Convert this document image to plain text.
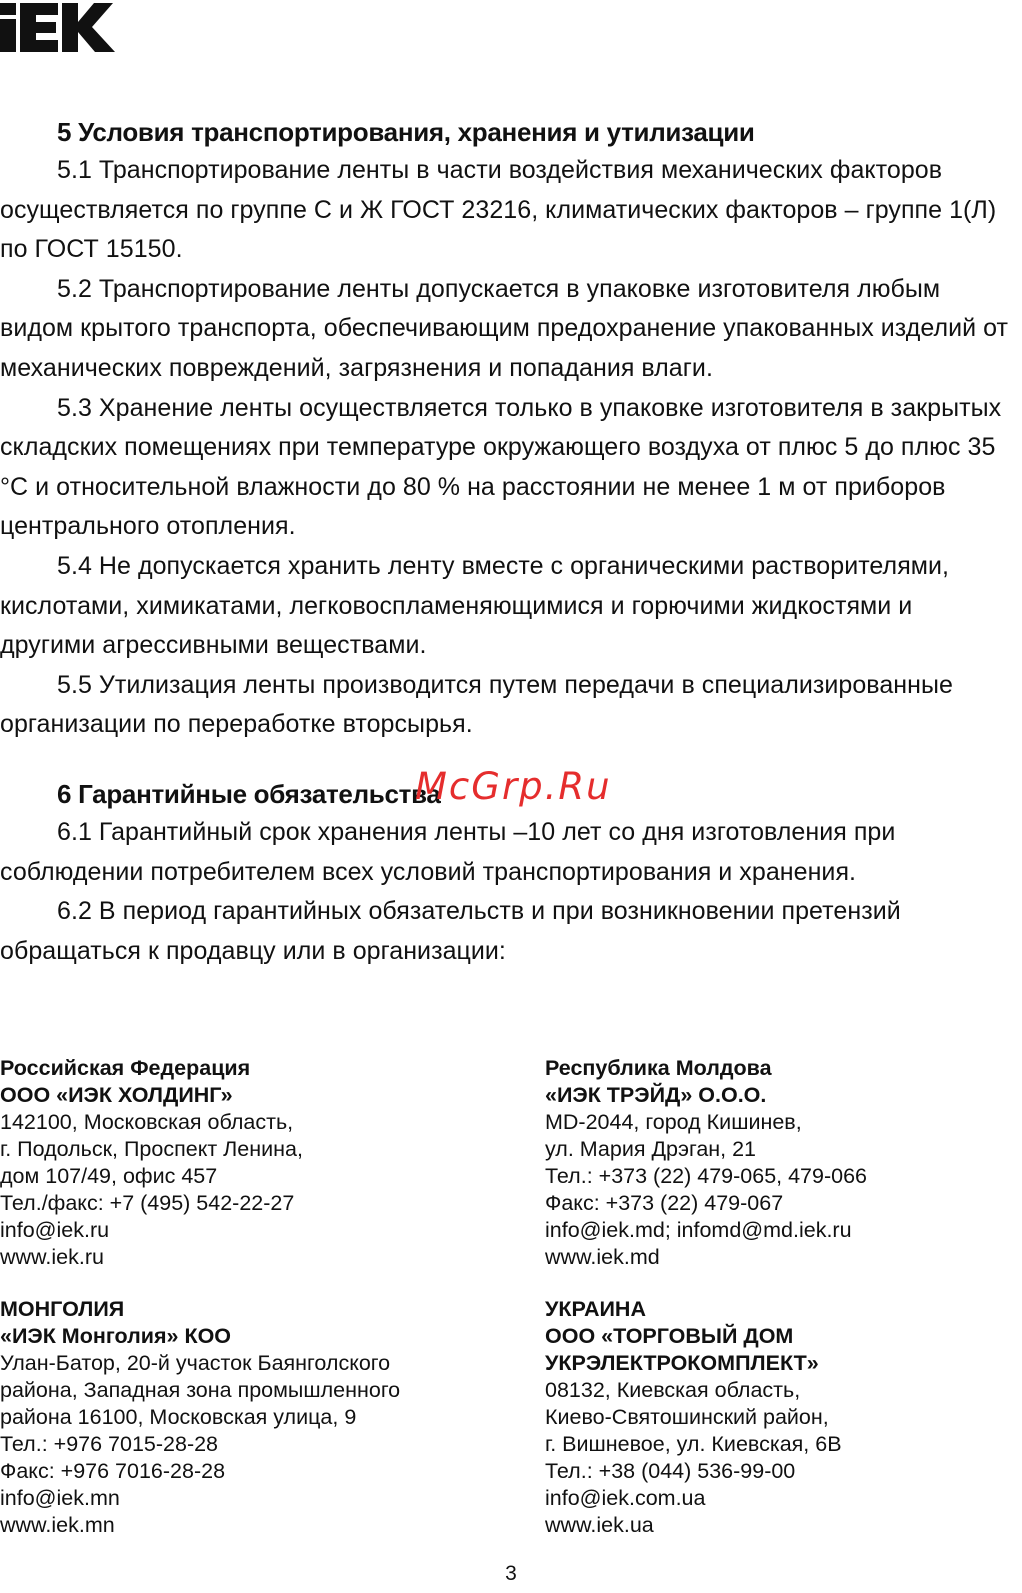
5 Условия транспортирования, хранения и утилизации

5.1 Транспортирование ленты в части воздействия механических факторов осуществляется по группе С и Ж ГОСТ 23216, климатических факторов – группе 1(Л) по ГОСТ 15150.

5.2 Транспортирование ленты допускается в упаковке изготовителя любым видом крытого транспорта, обеспечивающим предохранение упакованных изделий от механических повреждений, загрязнения и попадания влаги.

5.3 Хранение ленты осуществляется только в упаковке изготовителя в закрытых складских помещениях при температуре окружающего воздуха от плюс 5 до плюс 35 °С и относительной влажности до 80 % на расстоянии не менее 1 м от приборов центрального отопления.

5.4 Не допускается хранить ленту вместе с органическими растворителями, кислотами, химикатами, легковоспламеняющимися и горючими жидкостями и другими агрессивными веществами.

5.5 Утилизация ленты производится путем передачи в специализированные организации по переработке вторсырья.

6 Гарантийные обязательства

6.1 Гарантийный срок хранения ленты –10 лет со дня изготовления при соблюдении потребителем всех условий транспортирования и хранения.

6.2 В период гарантийных обязательств и при возникновении претензий обращаться к продавцу или в организации:

McGrp.Ru
Российская Федерация
ООО «ИЭК ХОЛДИНГ»
142100, Московская область,
г. Подольск, Проспект Ленина,
дом 107/49, офис 457
Тел./факс: +7 (495) 542-22-27
info@iek.ru
www.iek.ru
Республика Молдова
«ИЭК ТРЭЙД» О.О.О.
MD-2044, город Кишинев,
ул. Мария Дрэган, 21
Тел.: +373 (22) 479-065, 479-066
Факс: +373 (22) 479-067
info@iek.md; infomd@md.iek.ru
www.iek.md
МОНГОЛИЯ
«ИЭК Монголия» КОО
Улан-Батор, 20-й участок Баянголского
района, Западная зона промышленного
района 16100, Московская улица, 9
Тел.: +976 7015-28-28
Факс: +976 7016-28-28
info@iek.mn
www.iek.mn
УКРАИНА
ООО «ТОРГОВЫЙ ДОМ
УКРЭЛЕКТРОКОМПЛЕКТ»
08132, Киевская область,
Киево-Святошинский район,
г. Вишневое, ул. Киевская, 6В
Тел.: +38 (044) 536-99-00
info@iek.com.ua
www.iek.ua
3
